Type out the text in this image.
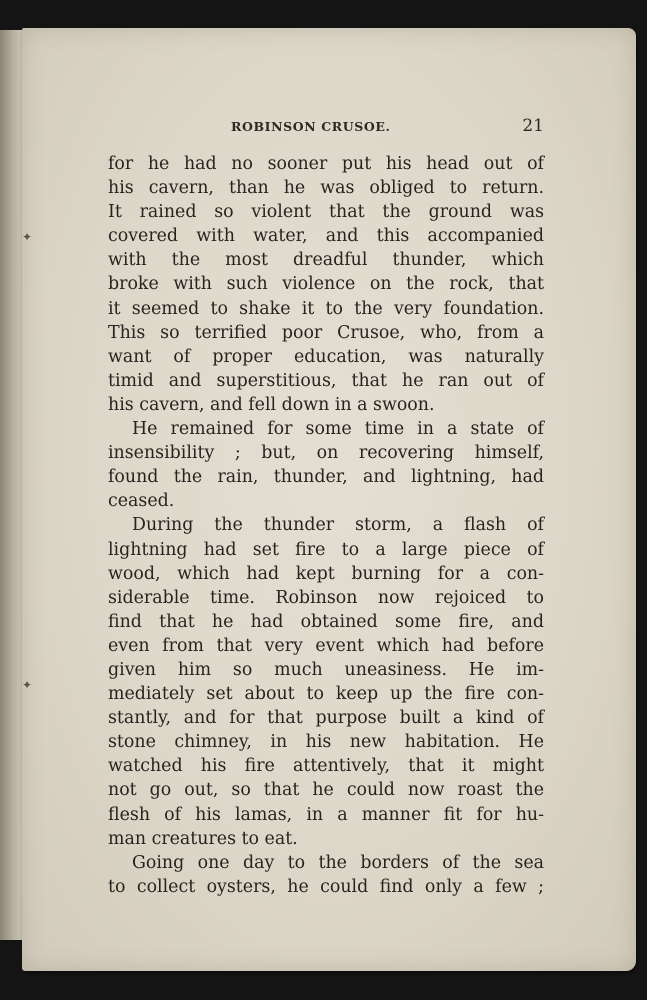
ROBINSON CRUSOE.	21
for he had no sooner put his head out of
his cavern, than he was obliged to return.
It rained so violent that the ground was
covered with water, and this accompanied
with the most dreadful thunder, which
broke with such violence on the rock, that
it seemed to shake it to the very foundation.
This so terrified poor Crusoe, who, from a
want of proper education, was naturally
timid and superstitious, that he ran out of
his cavern, and fell down in a swoon.
He remained for some time in a state of
insensibility ; but, on recovering himself,
found the rain, thunder, and lightning, had
ceased.
During the thunder storm, a flash of
lightning had set fire to a large piece of
wood, which had kept burning for a con-
siderable time. Robinson now rejoiced to
find that he had obtained some fire, and
even from that very event which had before
given him so much uneasiness. He im-
mediately set about to keep up the fire con-
stantly, and for that purpose built a kind of
stone chimney, in his new habitation. He
watched his fire attentively, that it might
not go out, so that he could now roast the
flesh of his lamas, in a manner fit for hu-
man creatures to eat.
Going one day to the borders of the sea
to collect oysters, he could find only a few ;
✦
✦
